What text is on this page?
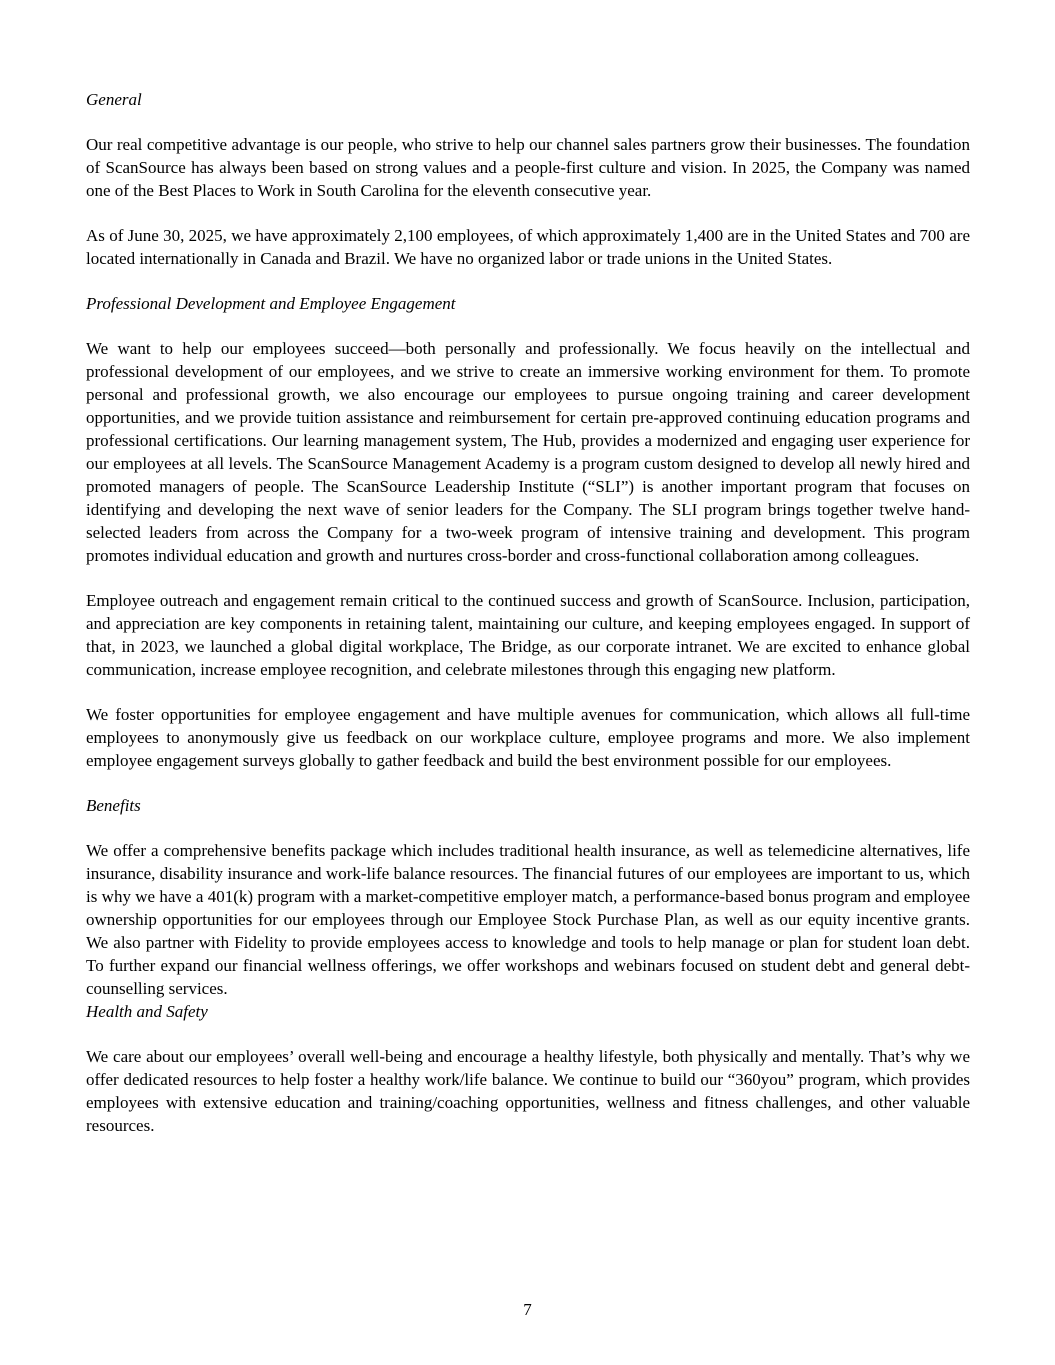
General

Our real competitive advantage is our people, who strive to help our channel sales partners grow their businesses. The foundation of ScanSource has always been based on strong values and a people-first culture and vision. In 2025, the Company was named one of the Best Places to Work in South Carolina for the eleventh consecutive year.

As of June 30, 2025, we have approximately 2,100 employees, of which approximately 1,400 are in the United States and 700 are located internationally in Canada and Brazil. We have no organized labor or trade unions in the United States.

Professional Development and Employee Engagement

We want to help our employees succeed—both personally and professionally. We focus heavily on the intellectual and professional development of our employees, and we strive to create an immersive working environment for them. To promote personal and professional growth, we also encourage our employees to pursue ongoing training and career development opportunities, and we provide tuition assistance and reimbursement for certain pre-approved continuing education programs and professional certifications. Our learning management system, The Hub, provides a modernized and engaging user experience for our employees at all levels. The ScanSource Management Academy is a program custom designed to develop all newly hired and promoted managers of people. The ScanSource Leadership Institute (“SLI”) is another important program that focuses on identifying and developing the next wave of senior leaders for the Company. The SLI program brings together twelve hand-selected leaders from across the Company for a two-week program of intensive training and development. This program promotes individual education and growth and nurtures cross-border and cross-functional collaboration among colleagues.

Employee outreach and engagement remain critical to the continued success and growth of ScanSource. Inclusion, participation, and appreciation are key components in retaining talent, maintaining our culture, and keeping employees engaged. In support of that, in 2023, we launched a global digital workplace, The Bridge, as our corporate intranet. We are excited to enhance global communication, increase employee recognition, and celebrate milestones through this engaging new platform.

We foster opportunities for employee engagement and have multiple avenues for communication, which allows all full-time employees to anonymously give us feedback on our workplace culture, employee programs and more. We also implement employee engagement surveys globally to gather feedback and build the best environment possible for our employees.

Benefits

We offer a comprehensive benefits package which includes traditional health insurance, as well as telemedicine alternatives, life insurance, disability insurance and work-life balance resources. The financial futures of our employees are important to us, which is why we have a 401(k) program with a market-competitive employer match, a performance-based bonus program and employee ownership opportunities for our employees through our Employee Stock Purchase Plan, as well as our equity incentive grants. We also partner with Fidelity to provide employees access to knowledge and tools to help manage or plan for student loan debt. To further expand our financial wellness offerings, we offer workshops and webinars focused on student debt and general debt-counselling services.

Health and Safety

We care about our employees’ overall well-being and encourage a healthy lifestyle, both physically and mentally. That’s why we offer dedicated resources to help foster a healthy work/life balance. We continue to build our “360you” program, which provides employees with extensive education and training/coaching opportunities, wellness and fitness challenges, and other valuable resources.

7
